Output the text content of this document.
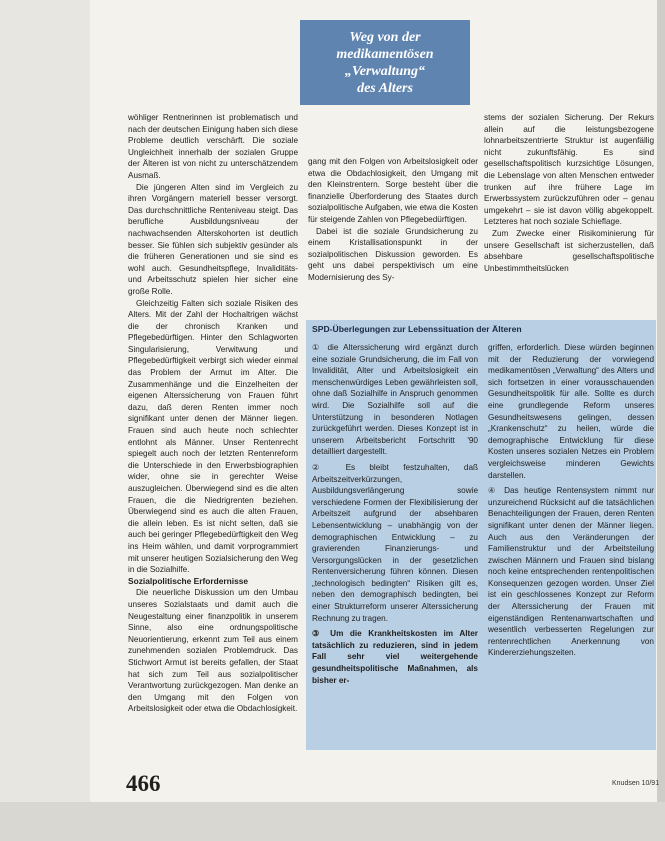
Weg von der
medikamentösen
„Verwaltung“
des Alters

wöhliger Rentnerinnen ist problematisch und nach der deutschen Einigung haben sich diese Probleme deutlich verschärft. Die soziale Ungleichheit innerhalb der sozialen Gruppe der Älteren ist von nicht zu unterschätzendem Ausmaß.

Die jüngeren Alten sind im Vergleich zu ihren Vorgängern materiell besser versorgt. Das durchschnittliche Renteniveau steigt. Das berufliche Ausbildungsniveau der nachwachsenden Alterskohorten ist deutlich besser. Sie fühlen sich subjektiv gesünder als die früheren Generationen und sie sind es wohl auch. Gesundheitspflege, Invaliditäts- und Arbeitsschutz spielen hier sicher eine große Rolle.

Gleichzeitig Falten sich soziale Risiken des Alters. Mit der Zahl der Hochaltrigen wächst die der chronisch Kranken und Pflegebedürftigen. Hinter den Schlagworten Singularisierung, Verwitwung und Pflegebedürftigkeit verbirgt sich wieder einmal das Problem der Armut im Alter. Die Zusammenhänge und die Einzelheiten der eigenen Alterssicherung von Frauen führt dazu, daß deren Renten immer noch signifikant unter denen der Männer liegen. Frauen sind auch heute noch schlechter entlohnt als Männer. Unser Rentenrecht spiegelt auch noch der letzten Rentenreform die Unterschiede in den Erwerbsbiographien wider, ohne sie in gerechter Weise auszugleichen. Überwiegend sind es die alten Frauen, die die Niedrigrenten beziehen. Überwiegend sind es auch die alten Frauen, die allein leben. Es ist nicht selten, daß sie auch bei geringer Pflegebedürftigkeit den Weg ins Heim wählen, und damit vorprogrammiert mit unserer heutigen Sozialsicherung den Weg in die Sozialhilfe.

Sozialpolitische Erfordernisse

Die neuerliche Diskussion um den Umbau unseres Sozialstaats und damit auch die Neugestaltung einer finanzpolitik in unserem Sinne, also eine ordnungspolitische Neuorientierung, erkennt zum Teil aus einem zunehmenden sozialen Problemdruck. Das Stichwort Armut ist bereits gefallen, der Staat hat sich zum Teil aus sozialpolitischer Verantwortung zurückgezogen. Man denke an den Umgang mit den Folgen von Arbeitslosigkeit oder etwa die Obdachlosigkeit.

gang mit den Folgen von Arbeitslosigkeit oder etwa die Obdachlosigkeit, den Umgang mit den Kleinstrentern. Sorge besteht über die finanzielle Überforderung des Staates durch sozialpolitische Aufgaben, wie etwa die Kosten für steigende Zahlen von Pflegebedürftigen.

Dabei ist die soziale Grundsicherung zu einem Kristallisationspunkt in der sozialpolitischen Diskussion geworden. Es geht uns dabei perspektivisch um eine Modernisierung des Sy-

stems der sozialen Sicherung. Der Rekurs allein auf die leistungsbezogene lohnarbeitszentrierte Struktur ist augenfällig nicht zukunftsfähig. Es sind gesellschaftspolitisch kurzsichtige Lösungen, die Lebenslage von alten Menschen entweder trunken auf ihre frühere Lage im Erwerbssystem zurückzuführen oder – genau umgekehrt – sie ist davon völlig abgekoppelt. Letzteres hat noch soziale Schieflage.

Zum Zwecke einer Risikominierung für unsere Gesellschaft ist sicherzustellen, daß absehbare gesellschaftspolitische Unbestimmtheitslücken

SPD-Überlegungen zur Lebenssituation der Älteren

① die Alterssicherung wird ergänzt durch eine soziale Grundsicherung, die im Fall von Invalidität, Alter und Arbeitslosigkeit ein menschenwürdiges Leben gewährleisten soll, ohne daß Sozialhilfe in Anspruch genommen wird. Die Sozialhilfe soll auf die Unterstützung in besonderen Notlagen zurückgeführt werden. Dieses Konzept ist in unserem Arbeitsbericht Fortschritt '90 detailliert dargestellt.

② Es bleibt festzuhalten, daß Arbeitszeitverkürzungen, Ausbildungsverlängerung sowie verschiedene Formen der Flexibilisierung der Arbeitszeit aufgrund der absehbaren Lebensentwicklung – unabhängig von der demographischen Entwicklung – zu gravierenden Finanzierungs- und Versorgungslücken in der gesetzlichen Rentenversicherung führen können. Diesen „technologisch bedingten“ Risiken gilt es, neben den demographisch bedingten, bei einer Strukturreform unserer Alterssicherung Rechnung zu tragen.

③ Um die Krankheitskosten im Alter tatsächlich zu reduzieren, sind in jedem Fall sehr viel weitergehende gesundheitspolitische Maßnahmen, als bisher er-

griffen, erforderlich. Diese würden beginnen mit der Reduzierung der vorwiegend medikamentösen „Verwaltung“ des Alters und sich fortsetzen in einer vorausschauenden Gesundheitspolitik für alle. Sollte es durch eine grundlegende Reform unseres Gesundheitswesens gelingen, dessen „Krankenschutz“ zu heilen, würde die demographische Entwicklung für diese Kosten unseres sozialen Netzes ein Problem vergleichsweise minderen Gewichts darstellen.

④ Das heutige Rentensystem nimmt nur unzureichend Rücksicht auf die tatsächlichen Benachteiligungen der Frauen, deren Renten signifikant unter denen der Männer liegen. Auch aus den Veränderungen der Familienstruktur und der Arbeitsteilung zwischen Männern und Frauen sind bislang noch keine entsprechenden rentenpolitischen Konsequenzen gezogen worden. Unser Ziel ist ein geschlossenes Konzept zur Reform der Alterssicherung der Frauen mit eigenständigen Rentenanwartschaften und wesentlich verbesserten Regelungen zur rentenrechtlichen Anerkennung von Kindererziehungszeiten.

466	Knudsen 10/91
